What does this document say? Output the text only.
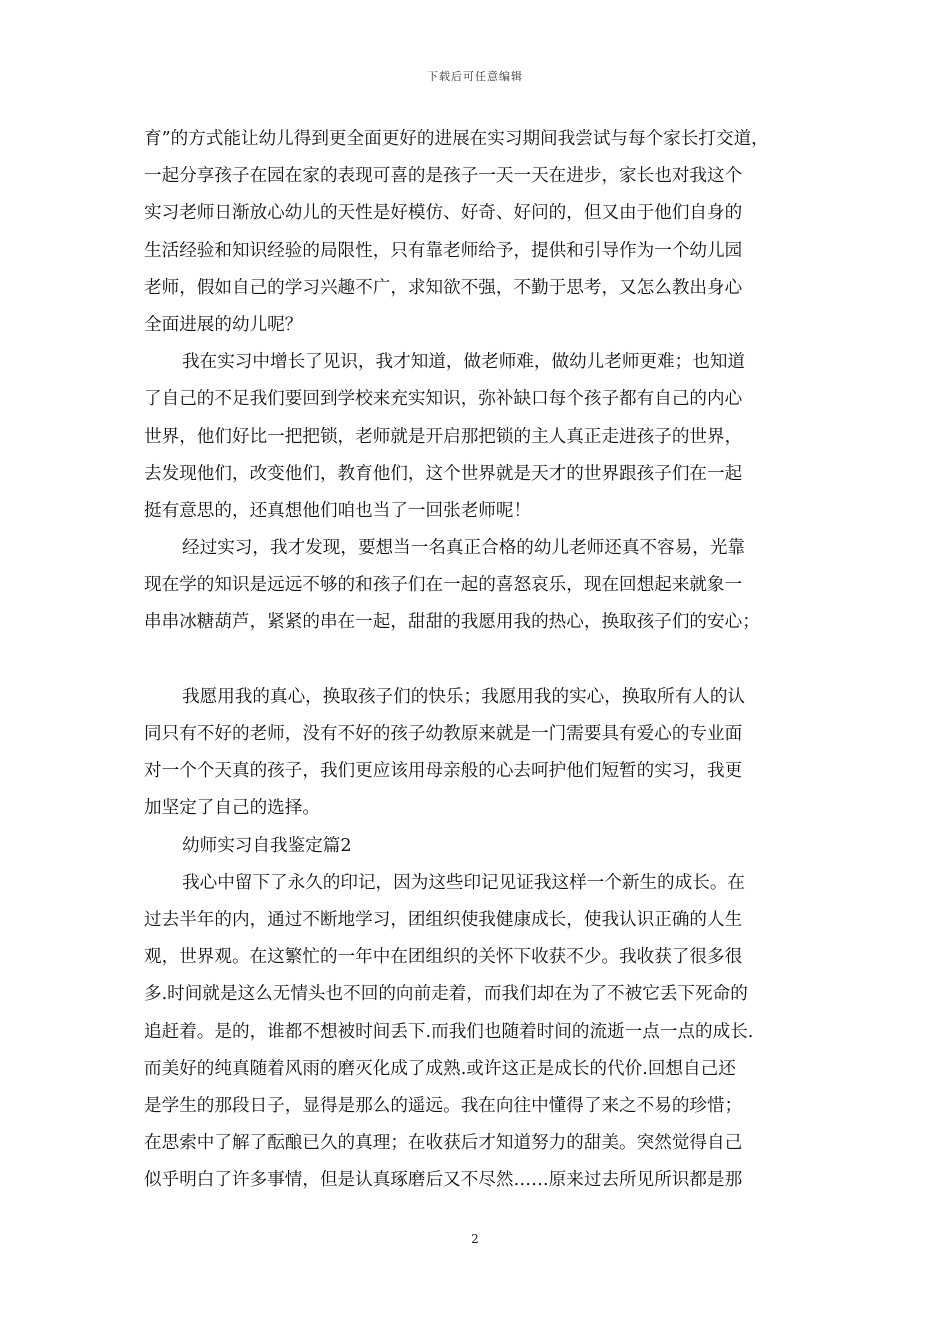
下载后可任意编辑
育”的方式能让幼儿得到更全面更好的进展在实习期间我尝试与每个家长打交道，
一起分享孩子在园在家的表现可喜的是孩子一天一天在进步，家长也对我这个
实习老师日渐放心幼儿的天性是好模仿、好奇、好问的，但又由于他们自身的
生活经验和知识经验的局限性，只有靠老师给予，提供和引导作为一个幼儿园
老师，假如自己的学习兴趣不广，求知欲不强，不勤于思考，又怎么教出身心
全面进展的幼儿呢？
我在实习中增长了见识，我才知道，做老师难，做幼儿老师更难；也知道
了自己的不足我们要回到学校来充实知识，弥补缺口每个孩子都有自己的内心
世界，他们好比一把把锁，老师就是开启那把锁的主人真正走进孩子的世界，
去发现他们，改变他们，教育他们，这个世界就是天才的世界跟孩子们在一起
挺有意思的，还真想他们咱也当了一回张老师呢！
经过实习，我才发现，要想当一名真正合格的幼儿老师还真不容易，光靠
现在学的知识是远远不够的和孩子们在一起的喜怒哀乐，现在回想起来就象一
串串冰糖葫芦，紧紧的串在一起，甜甜的我愿用我的热心，换取孩子们的安心；
我愿用我的真心，换取孩子们的快乐；我愿用我的实心，换取所有人的认
同只有不好的老师，没有不好的孩子幼教原来就是一门需要具有爱心的专业面
对一个个天真的孩子，我们更应该用母亲般的心去呵护他们短暂的实习，我更
加坚定了自己的选择。
幼师实习自我鉴定篇2
我心中留下了永久的印记，因为这些印记见证我这样一个新生的成长。在
过去半年的内，通过不断地学习，团组织使我健康成长，使我认识正确的人生
观，世界观。在这繁忙的一年中在团组织的关怀下收获不少。我收获了很多很
多.时间就是这么无情头也不回的向前走着，而我们却在为了不被它丢下死命的
追赶着。是的，谁都不想被时间丢下.而我们也随着时间的流逝一点一点的成长.
而美好的纯真随着风雨的磨灭化成了成熟.或许这正是成长的代价.回想自己还
是学生的那段日子，显得是那么的遥远。我在向往中懂得了来之不易的珍惜；
在思索中了解了酝酿已久的真理；在收获后才知道努力的甜美。突然觉得自己
似乎明白了许多事情，但是认真琢磨后又不尽然……原来过去所见所识都是那
2
